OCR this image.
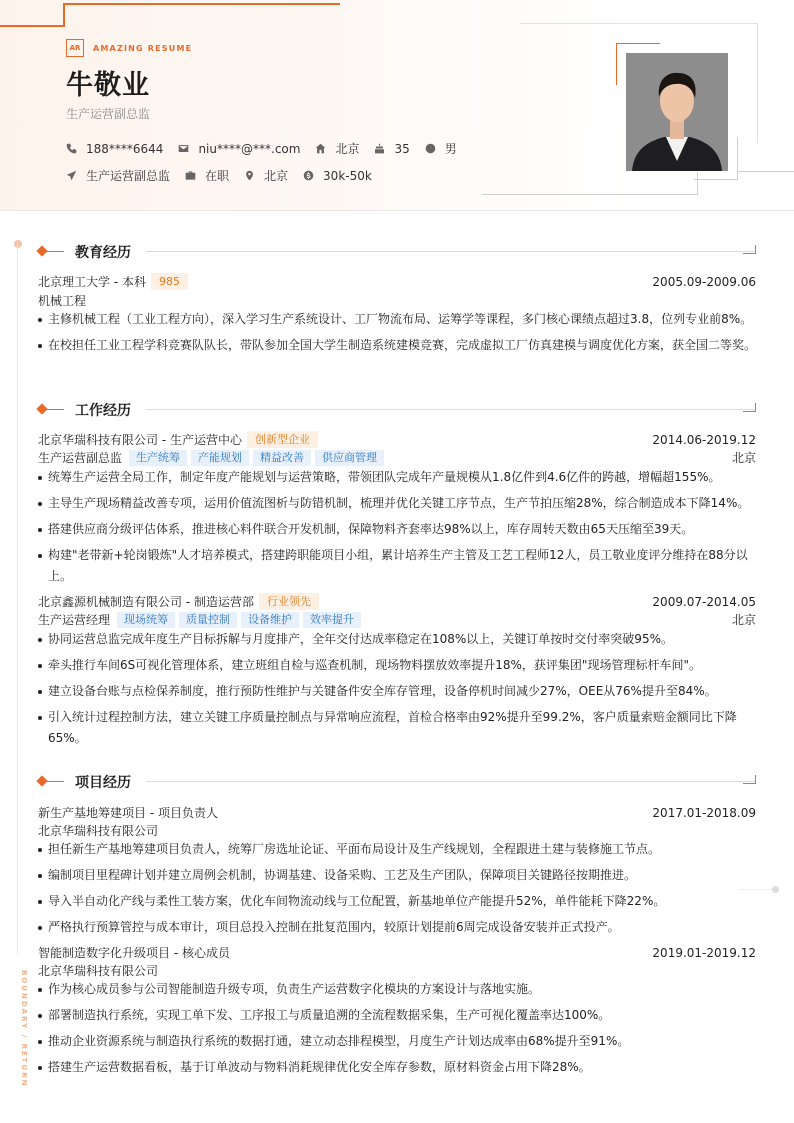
AR	AMAZING RESUME
牛敬业
生产运营副总监
188****6644	niu****@***.com	北京	35	男
生产运营副总监	在职	北京	30k-50k
BOUNDARY / RETURN
教育经历
北京理工大学 - 本科	985	2005.09-2009.06
机械工程
主修机械工程（工业工程方向），深入学习生产系统设计、工厂物流布局、运筹学等课程，多门核心课绩点超过3.8，位列专业前8%。
在校担任工业工程学科竞赛队队长，带队参加全国大学生制造系统建模竞赛，完成虚拟工厂仿真建模与调度优化方案，获全国二等奖。
工作经历
北京华瑞科技有限公司 - 生产运营中心	创新型企业	2014.06-2019.12
生产运营副总监	生产统筹	产能规划	精益改善	供应商管理	北京
统筹生产运营全局工作，制定年度产能规划与运营策略，带领团队完成年产量规模从1.8亿件到4.6亿件的跨越，增幅超155%。
主导生产现场精益改善专项，运用价值流图析与防错机制，梳理并优化关键工序节点，生产节拍压缩28%，综合制造成本下降14%。
搭建供应商分级评估体系，推进核心料件联合开发机制，保障物料齐套率达98%以上，库存周转天数由65天压缩至39天。
构建"老带新+轮岗锻炼"人才培养模式，搭建跨职能项目小组，累计培养生产主管及工艺工程师12人，员工敬业度评分维持在88分以上。
北京鑫源机械制造有限公司 - 制造运营部	行业领先	2009.07-2014.05
生产运营经理	现场统筹	质量控制	设备维护	效率提升	北京
协同运营总监完成年度生产目标拆解与月度排产，全年交付达成率稳定在108%以上，关键订单按时交付率突破95%。
牵头推行车间6S可视化管理体系，建立班组自检与巡查机制，现场物料摆放效率提升18%，获评集团"现场管理标杆车间"。
建立设备台账与点检保养制度，推行预防性维护与关键备件安全库存管理，设备停机时间减少27%，OEE从76%提升至84%。
引入统计过程控制方法，建立关键工序质量控制点与异常响应流程，首检合格率由92%提升至99.2%，客户质量索赔金额同比下降65%。
项目经历
新生产基地筹建项目 - 项目负责人	2017.01-2018.09
北京华瑞科技有限公司
担任新生产基地筹建项目负责人，统筹厂房选址论证、平面布局设计及生产线规划，全程跟进土建与装修施工节点。
编制项目里程碑计划并建立周例会机制，协调基建、设备采购、工艺及生产团队，保障项目关键路径按期推进。
导入半自动化产线与柔性工装方案，优化车间物流动线与工位配置，新基地单位产能提升52%，单件能耗下降22%。
严格执行预算管控与成本审计，项目总投入控制在批复范围内，较原计划提前6周完成设备安装并正式投产。
智能制造数字化升级项目 - 核心成员	2019.01-2019.12
北京华瑞科技有限公司
作为核心成员参与公司智能制造升级专项，负责生产运营数字化模块的方案设计与落地实施。
部署制造执行系统，实现工单下发、工序报工与质量追溯的全流程数据采集，生产可视化覆盖率达100%。
推动企业资源系统与制造执行系统的数据打通，建立动态排程模型，月度生产计划达成率由68%提升至91%。
搭建生产运营数据看板，基于订单波动与物料消耗规律优化安全库存参数，原材料资金占用下降28%。
